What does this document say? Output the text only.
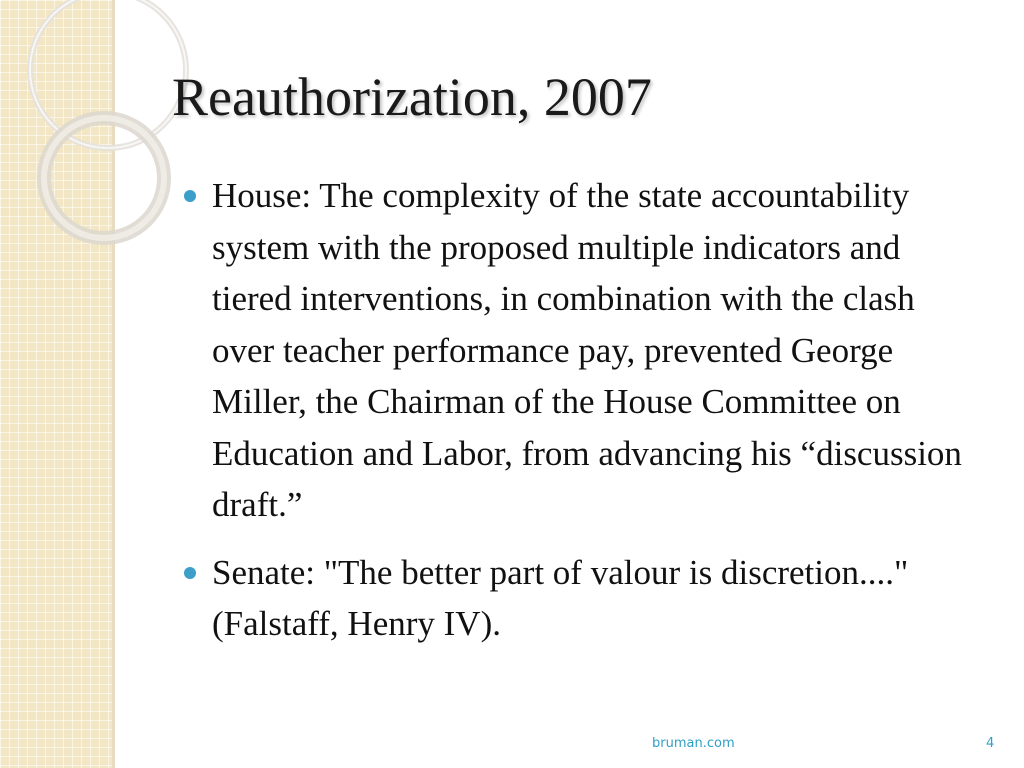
Reauthorization, 2007
House: The complexity of the state accountability system with the proposed multiple indicators and tiered interventions, in combination with the clash over teacher performance pay, prevented George Miller, the Chairman of the House Committee on Education and Labor, from advancing his “discussion draft.”
Senate: "The better part of valour is discretion...." (Falstaff, Henry IV).
bruman.com	4
